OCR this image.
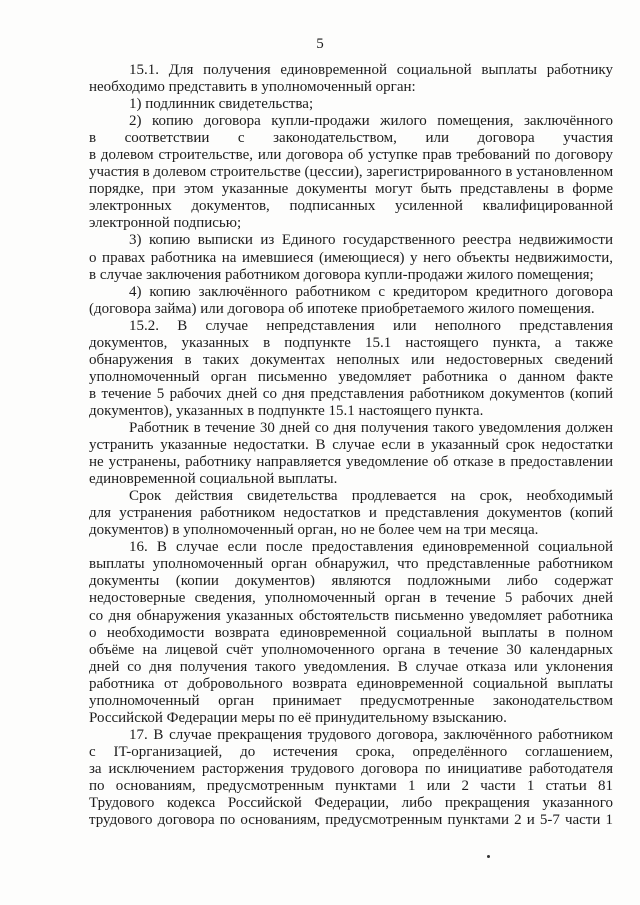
5
15.1. Для получения единовременной социальной выплаты работнику
необходимо представить в уполномоченный орган:
1) подлинник свидетельства;
2) копию договора купли-продажи жилого помещения, заключённого
в соответствии с законодательством, или договора участия
в долевом строительстве, или договора об уступке прав требований по договору
участия в долевом строительстве (цессии), зарегистрированного в установленном
порядке, при этом указанные документы могут быть представлены в форме
электронных документов, подписанных усиленной квалифицированной
электронной подписью;
3) копию выписки из Единого государственного реестра недвижимости
о правах работника на имевшиеся (имеющиеся) у него объекты недвижимости,
в случае заключения работником договора купли-продажи жилого помещения;
4) копию заключённого работником с кредитором кредитного договора
(договора займа) или договора об ипотеке приобретаемого жилого помещения.
15.2. В случае непредставления или неполного представления
документов, указанных в подпункте 15.1 настоящего пункта, а также
обнаружения в таких документах неполных или недостоверных сведений
уполномоченный орган письменно уведомляет работника о данном факте
в течение 5 рабочих дней со дня представления работником документов (копий
документов), указанных в подпункте 15.1 настоящего пункта.
Работник в течение 30 дней со дня получения такого уведомления должен
устранить указанные недостатки. В случае если в указанный срок недостатки
не устранены, работнику направляется уведомление об отказе в предоставлении
единовременной социальной выплаты.
Срок действия свидетельства продлевается на срок, необходимый
для устранения работником недостатков и представления документов (копий
документов) в уполномоченный орган, но не более чем на три месяца.
16. В случае если после предоставления единовременной социальной
выплаты уполномоченный орган обнаружил, что представленные работником
документы (копии документов) являются подложными либо содержат
недостоверные сведения, уполномоченный орган в течение 5 рабочих дней
со дня обнаружения указанных обстоятельств письменно уведомляет работника
о необходимости возврата единовременной социальной выплаты в полном
объёме на лицевой счёт уполномоченного органа в течение 30 календарных
дней со дня получения такого уведомления. В случае отказа или уклонения
работника от добровольного возврата единовременной социальной выплаты
уполномоченный орган принимает предусмотренные законодательством
Российской Федерации меры по её принудительному взысканию.
17. В случае прекращения трудового договора, заключённого работником
с IT-организацией, до истечения срока, определённого соглашением,
за исключением расторжения трудового договора по инициативе работодателя
по основаниям, предусмотренным пунктами 1 или 2 части 1 статьи 81
Трудового кодекса Российской Федерации, либо прекращения указанного
трудового договора по основаниям, предусмотренным пунктами 2 и 5-7 части 1
